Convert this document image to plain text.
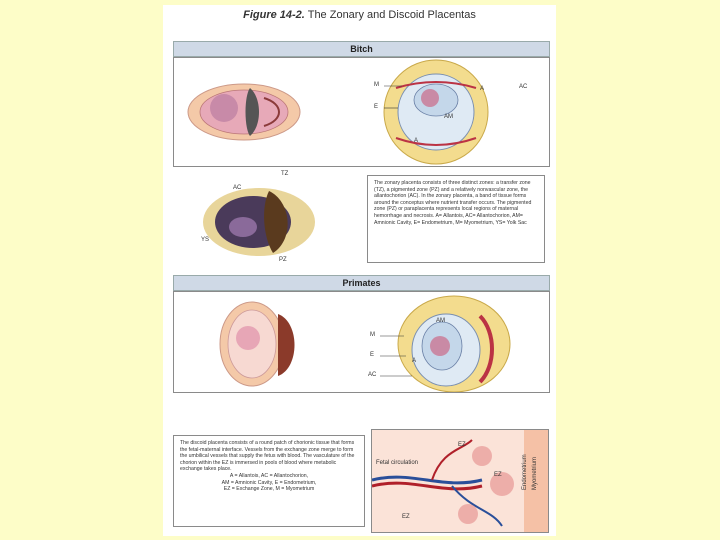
Figure 14-2. The Zonary and Discoid Placentas
Bitch
M
E
A	AC
AM
A
TZ
AC
YS
PZ
The zonary placenta consists of three distinct zones: a transfer zone (TZ), a pigmented zone (PZ) and a relatively nonvascular zone, the allantochorion (AC). In the zonary placenta, a band of tissue forms around the conceptus where nutrient transfer occurs. The pigmented zone (PZ) or paraplacenta represents local regions of maternal hemorrhage and necrosis. A= Allantois, AC= Allantochorion, AM= Amnionic Cavity, E= Endometrium, M= Myometrium, YS= Yolk Sac
Primates
M
AM
E
A
AC
The discoid placenta consists of a round patch of chorionic tissue that forms the fetal-maternal interface. Vessels from the exchange zone merge to form the umbilical vessels that supply the fetus with blood. The vasculature of the chorion within the EZ is immersed in pools of blood where metabolic exchange takes place.
A = Allantois, AC = Allantochorion,
AM = Amnionic Cavity, E = Endometrium,
EZ = Exchange Zone, M = Myometrium
Fetal circulation
EZ
EZ
EZ
Endometrium Myometrium
